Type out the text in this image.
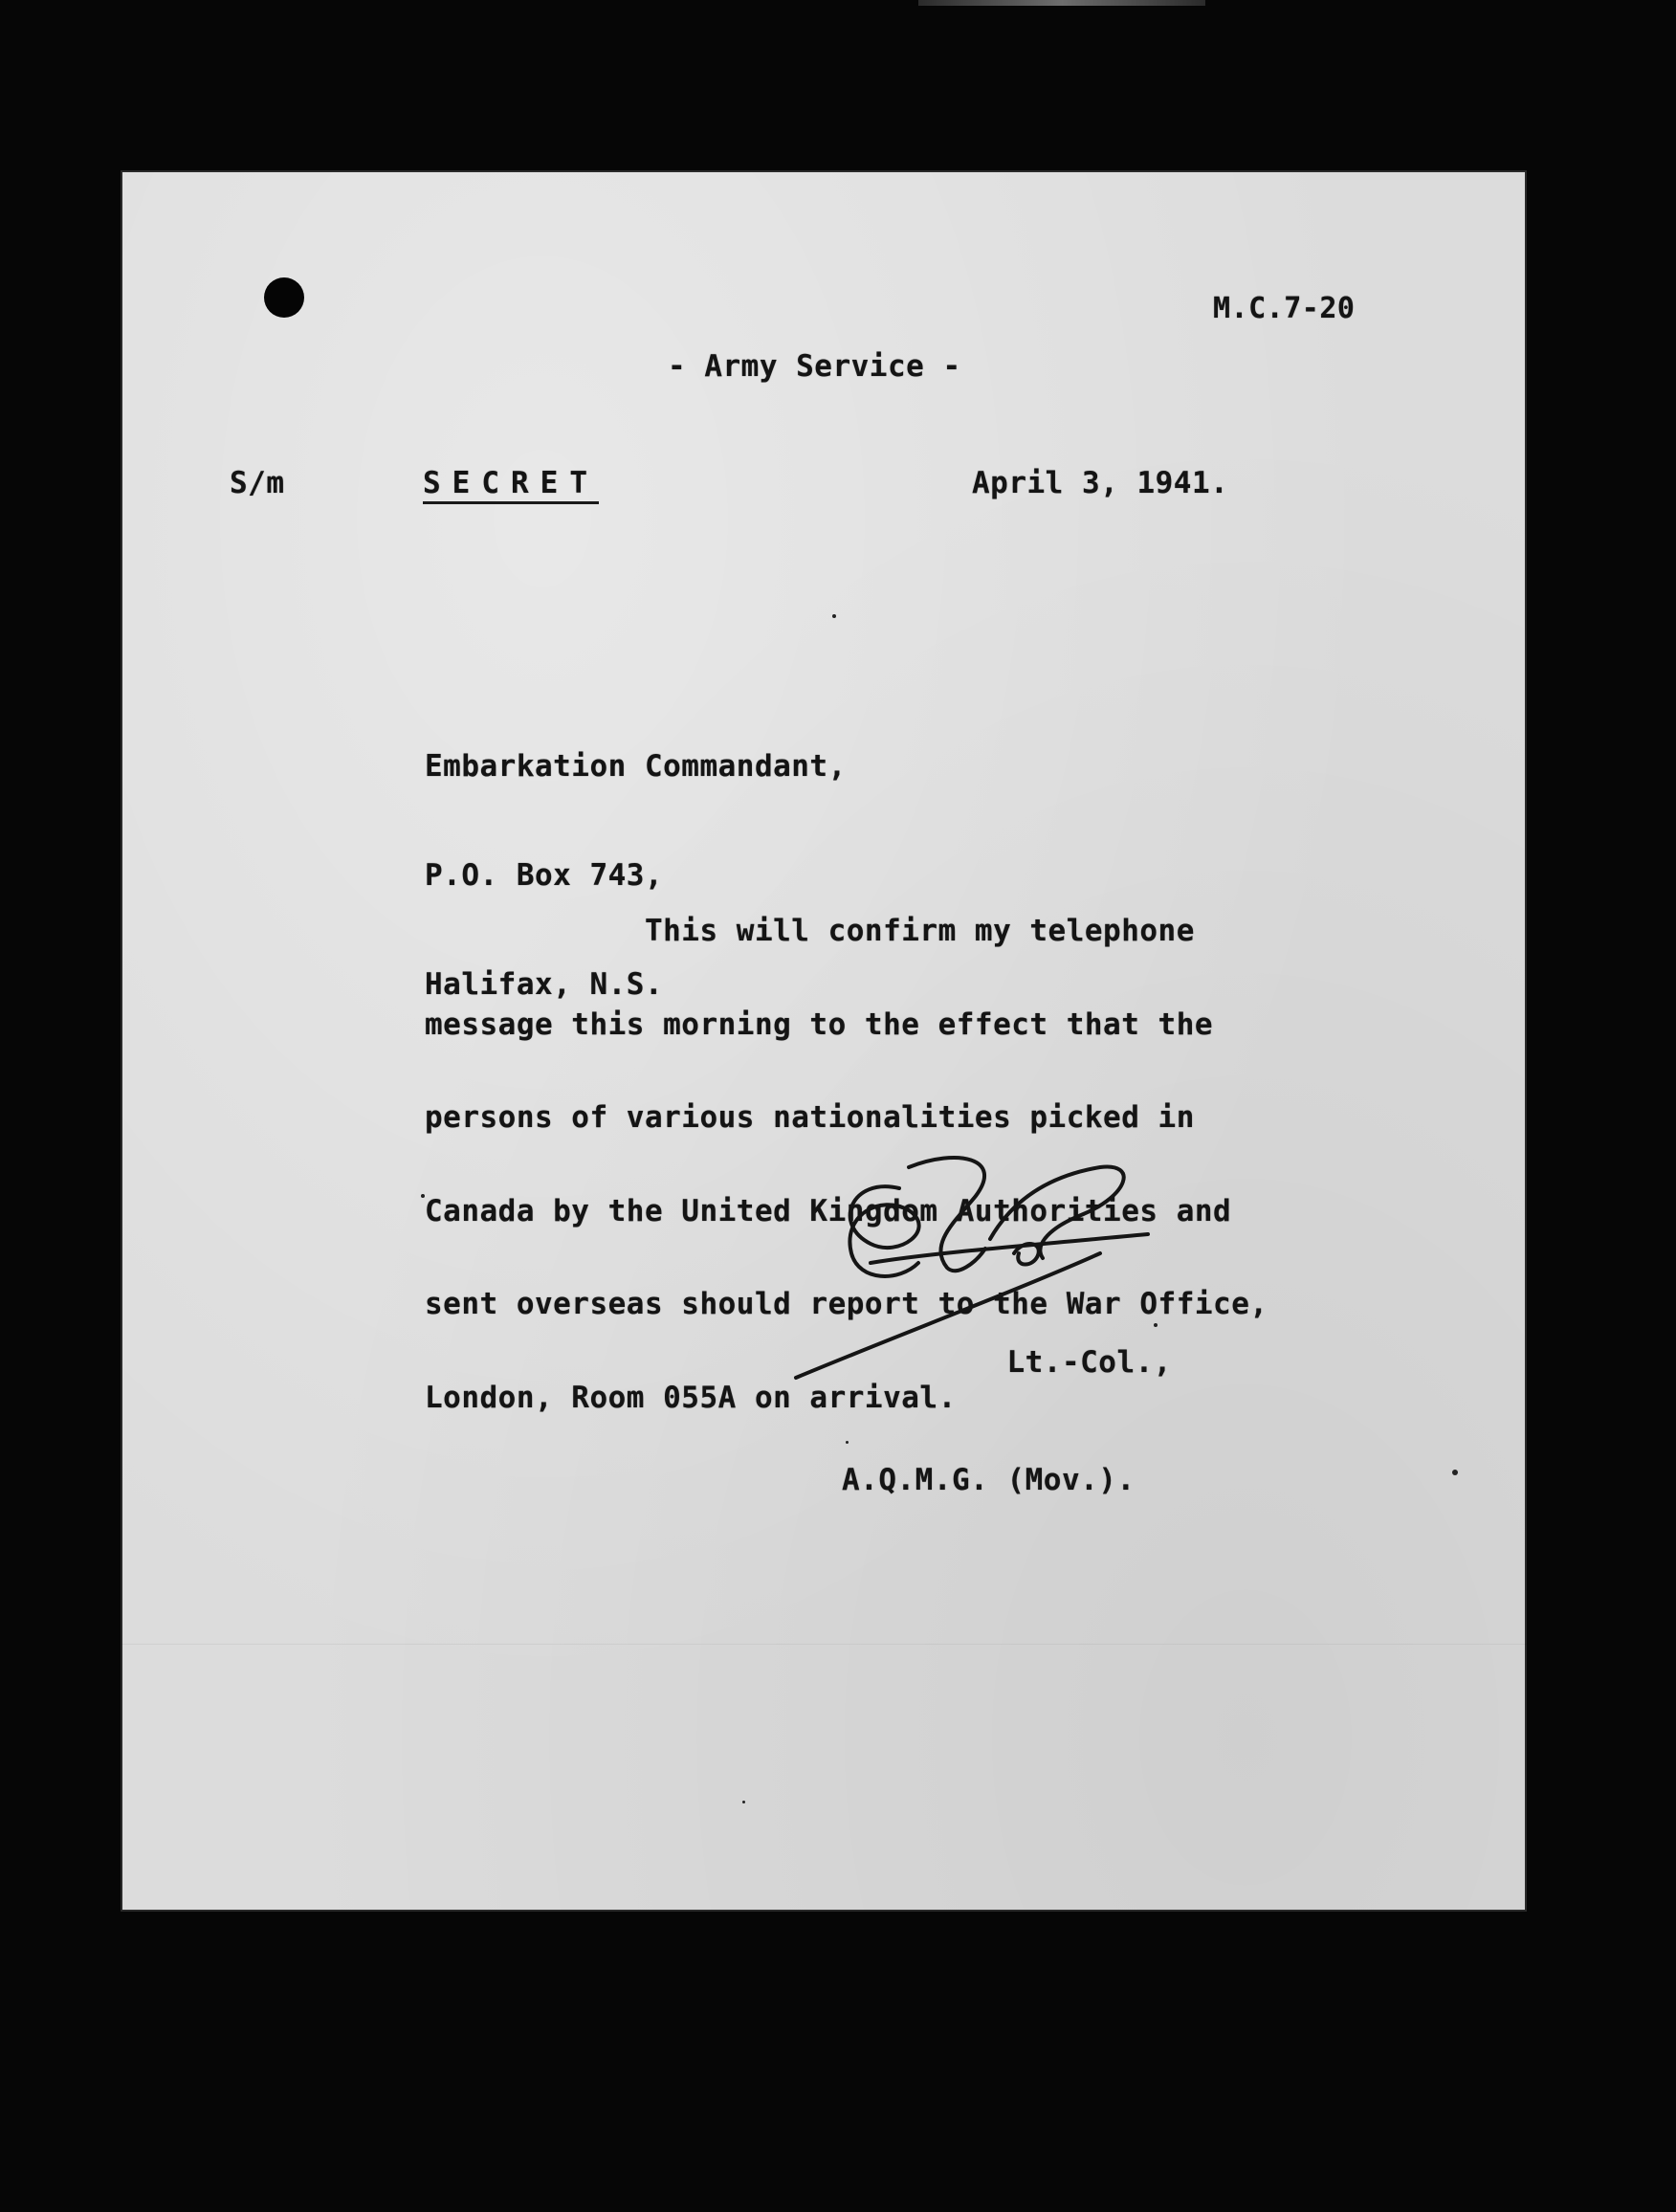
M.C.7-20
- Army Service -
S/m	SECRET	April 3, 1941.

Embarkation Commandant,

P.O. Box 743,

Halifax, N.S.

This will confirm my telephone

message this morning to the effect that the

persons of various nationalities picked in

Canada by the United Kingdom Authorities and

sent overseas should report to the War Office,

London, Room 055A on arrival.

Lt.-Col.,

A.Q.M.G. (Mov.).
